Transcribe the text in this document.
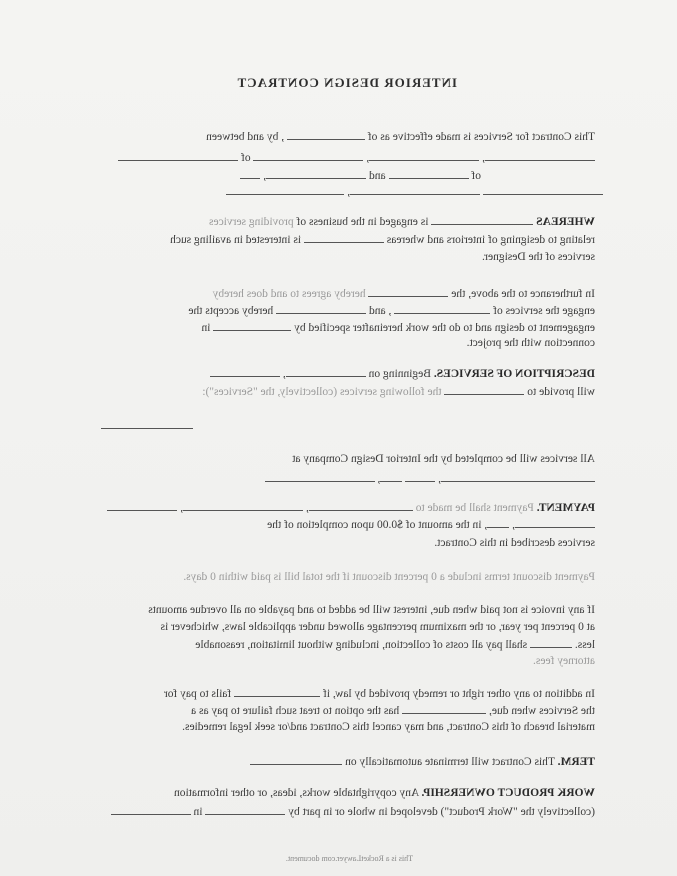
INTERIOR DESIGN CONTRACT
This Contract for Services is made effective as of  , by and between
, ,  of
of  and ,
,
WHEREAS  is engaged in the business of providing services
relating to designing of interiors and whereas  is interested in availing such
services of the Designer.
In furtherance to the above, the  hereby agrees to and does hereby
engage the services of  , and  hereby accepts the
engagement to design and to do the work hereinafter specified by  in
connection with the project.
DESCRIPTION OF SERVICES. Beginning on ,
will provide to  the following services (collectively, the "Services"):
All services will be completed by the Interior Design Company at
,  ,
PAYMENT. Payment shall be made to , ,
, , in the amount of $0.00 upon completion of the
services described in this Contract.
Payment discount terms include a 0 percent discount if the total bill is paid within 0 days.
If any invoice is not paid when due, interest will be added to and payable on all overdue amounts
at 0 percent per year, or the maximum percentage allowed under applicable laws, whichever is
less.  shall pay all costs of collection, including without limitation, reasonable
attorney fees.
In addition to any other right or remedy provided by law, if  fails to pay for
the Services when due,  has the option to treat such failure to pay as a
material breach of this Contract, and may cancel this Contract and/or seek legal remedies.
TERM. This Contract will terminate automatically on
WORK PRODUCT OWNERSHIP. Any copyrightable works, ideas, or other information
(collectively the "Work Product") developed in whole or in part by  in
This is a RocketLawyer.com document.
